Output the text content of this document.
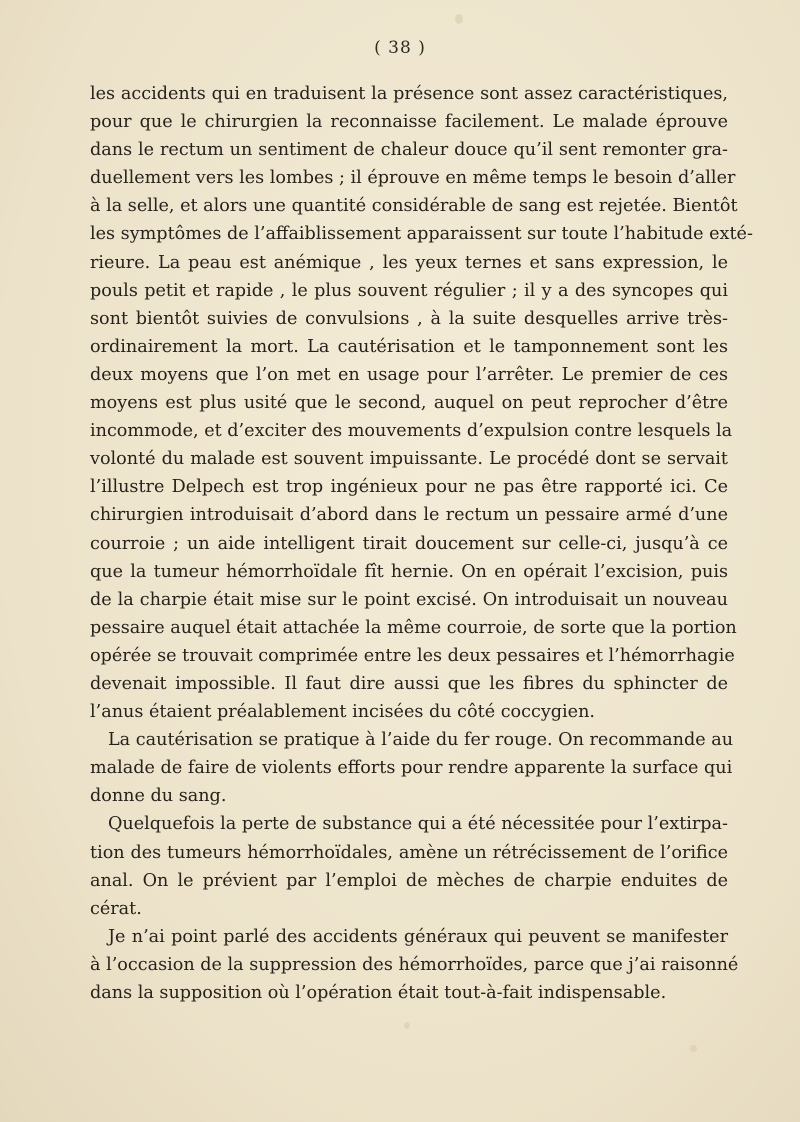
( 38 )
les accidents qui en traduisent la présence sont assez caractéristiques,
pour que le chirurgien la reconnaisse facilement. Le malade éprouve
dans le rectum un sentiment de chaleur douce qu’il sent remonter gra-
duellement vers les lombes ; il éprouve en même temps le besoin d’aller
à la selle, et alors une quantité considérable de sang est rejetée. Bientôt
les symptômes de l’affaiblissement apparaissent sur toute l’habitude exté-
rieure. La peau est anémique , les yeux ternes et sans expression, le
pouls petit et rapide , le plus souvent régulier ; il y a des syncopes qui
sont bientôt suivies de convulsions , à la suite desquelles arrive très-
ordinairement la mort. La cautérisation et le tamponnement sont les
deux moyens que l’on met en usage pour l’arrêter. Le premier de ces
moyens est plus usité que le second, auquel on peut reprocher d’être
incommode, et d’exciter des mouvements d’expulsion contre lesquels la
volonté du malade est souvent impuissante. Le procédé dont se servait
l’illustre Delpech est trop ingénieux pour ne pas être rapporté ici. Ce
chirurgien introduisait d’abord dans le rectum un pessaire armé d’une
courroie ; un aide intelligent tirait doucement sur celle-ci, jusqu’à ce
que la tumeur hémorrhoïdale fît hernie. On en opérait l’excision, puis
de la charpie était mise sur le point excisé. On introduisait un nouveau
pessaire auquel était attachée la même courroie, de sorte que la portion
opérée se trouvait comprimée entre les deux pessaires et l’hémorrhagie
devenait impossible. Il faut dire aussi que les fibres du sphincter de
l’anus étaient préalablement incisées du côté coccygien.
La cautérisation se pratique à l’aide du fer rouge. On recommande au
malade de faire de violents efforts pour rendre apparente la surface qui
donne du sang.
Quelquefois la perte de substance qui a été nécessitée pour l’extirpa-
tion des tumeurs hémorrhoïdales, amène un rétrécissement de l’orifice
anal. On le prévient par l’emploi de mèches de charpie enduites de
cérat.
Je n’ai point parlé des accidents généraux qui peuvent se manifester
à l’occasion de la suppression des hémorrhoïdes, parce que j’ai raisonné
dans la supposition où l’opération était tout-à-fait indispensable.
